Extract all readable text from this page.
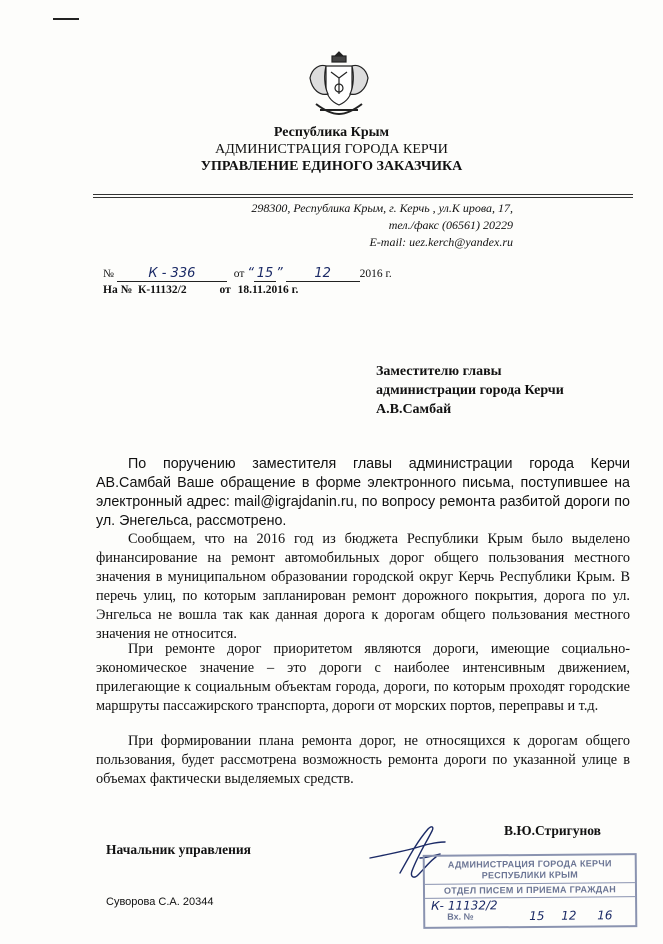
Республика Крым
АДМИНИСТРАЦИЯ ГОРОДА КЕРЧИ
УПРАВЛЕНИЕ ЕДИНОГО ЗАКАЗЧИКА
298300, Республика Крым, г. Керчь , ул.К ирова, 17,
тел./факс (06561) 20229
E-mail: uez.kerch@yandex.ru
№	К - 336	от “ 15 ” 12 2016 г.
На № К-11132/2	от 18.11.2016 г.
Заместителю главы
администрации города Керчи
А.В.Самбай

По поручению заместителя главы администрации города Керчи АВ.Самбай Ваше обращение в форме электронного письма, поступившее на электронный адрес: mail@igrajdanin.ru, по вопросу ремонта разбитой дороги по ул. Энегельса, рассмотрено.

Сообщаем, что на 2016 год из бюджета Республики Крым было выделено финансирование на ремонт автомобильных дорог общего пользования местного значения в муниципальном образовании городской округ Керчь Республики Крым. В перечь улиц, по которым запланирован ремонт дорожного покрытия, дорога по ул. Энгельса не вошла так как данная дорога к дорогам общего пользования местного значения не относится.

При ремонте дорог приоритетом являются дороги, имеющие социально-экономическое значение – это дороги с наиболее интенсивным движением, прилегающие к социальным объектам города, дороги, по которым проходят городские маршруты пассажирского транспорта, дороги от морских портов, переправы и т.д.

При формировании плана ремонта дорог, не относящихся к дорогам общего пользования, будет рассмотрена возможность ремонта дороги по указанной улице в объемах фактически выделяемых средств.

Начальник управления
В.Ю.Стригунов
Суворова С.А. 20344
АДМИНИСТРАЦИЯ ГОРОДА КЕРЧИ
РЕСПУБЛИКИ КРЫМ
ОТДЕЛ ПИСЕМ И ПРИЕМА ГРАЖДАН
К- 11132/2
Вх. №	15 12 16
